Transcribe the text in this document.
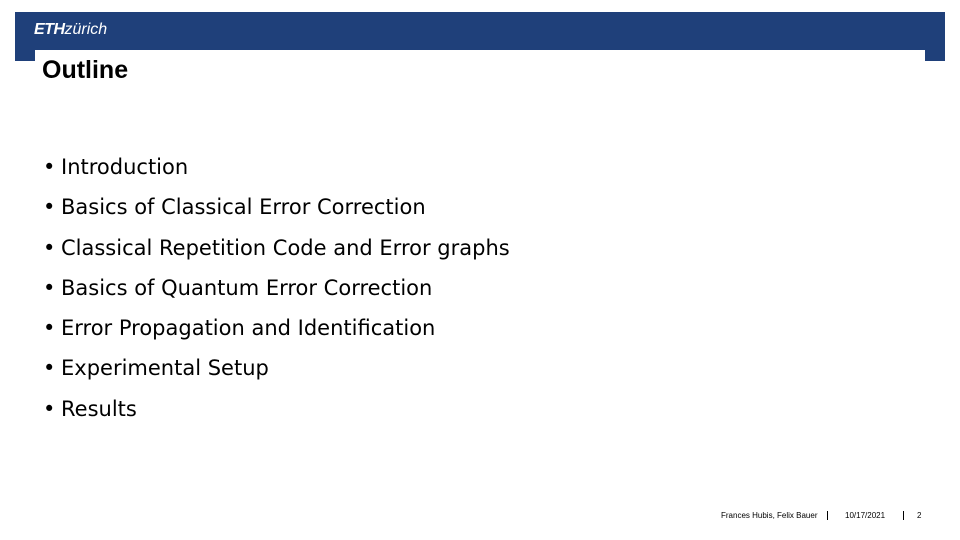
ETHzürich
Outline
• Introduction
• Basics of Classical Error Correction
• Classical Repetition Code and Error graphs
• Basics of Quantum Error Correction
• Error Propagation and Identification
• Experimental Setup
• Results
Frances Hubis, Felix Bauer	10/17/2021	2
